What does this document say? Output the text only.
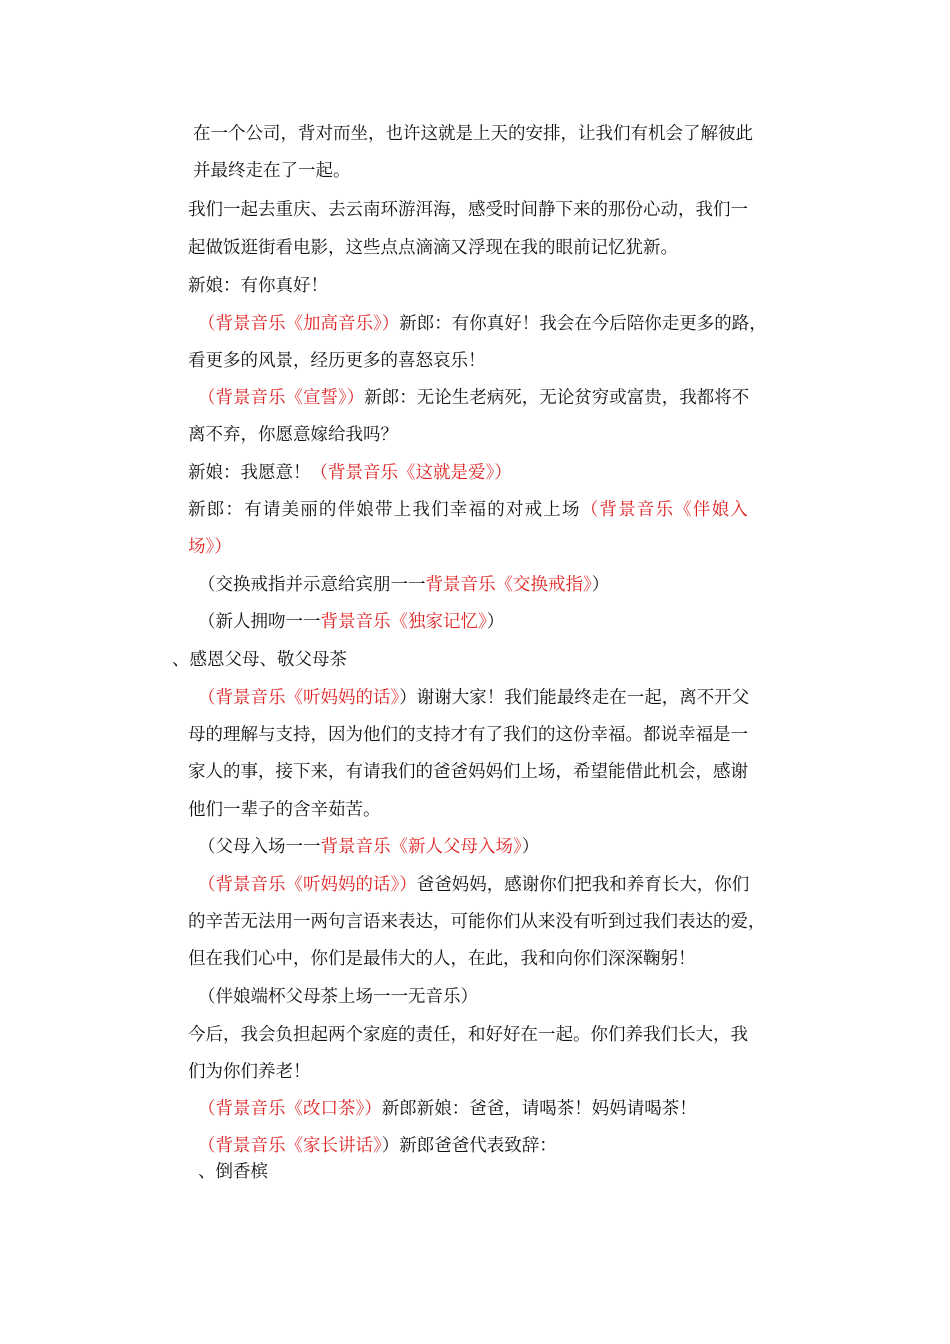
在一个公司，背对而坐，也许这就是上天的安排，让我们有机会了解彼此
并最终走在了一起。
我们一起去重庆、去云南环游洱海，感受时间静下来的那份心动，我们一
起做饭逛街看电影，这些点点滴滴又浮现在我的眼前记忆犹新。
新娘：有你真好！
（背景音乐《加高音乐》）新郎：有你真好！我会在今后陪你走更多的路，
看更多的风景，经历更多的喜怒哀乐！
（背景音乐《宣誓》）新郎：无论生老病死，无论贫穷或富贵，我都将不
离不弃，你愿意嫁给我吗？
新娘：我愿意！（背景音乐《这就是爱》）
新郎：有请美丽的伴娘带上我们幸福的对戒上场（背景音乐《伴娘入
场》）
（交换戒指并示意给宾朋一一背景音乐《交换戒指》）
（新人拥吻一一背景音乐《独家记忆》）
、感恩父母、敬父母茶
（背景音乐《听妈妈的话》）谢谢大家！我们能最终走在一起，离不开父
母的理解与支持，因为他们的支持才有了我们的这份幸福。都说幸福是一
家人的事，接下来，有请我们的爸爸妈妈们上场，希望能借此机会，感谢
他们一辈子的含辛茹苦。
（父母入场一一背景音乐《新人父母入场》）
（背景音乐《听妈妈的话》）爸爸妈妈，感谢你们把我和养育长大，你们
的辛苦无法用一两句言语来表达，可能你们从来没有听到过我们表达的爱，
但在我们心中，你们是最伟大的人，在此，我和向你们深深鞠躬！
（伴娘端杯父母茶上场一一无音乐）
今后，我会负担起两个家庭的责任，和好好在一起。你们养我们长大，我
们为你们养老！
（背景音乐《改口茶》）新郎新娘：爸爸，请喝茶！妈妈请喝茶！
（背景音乐《家长讲话》）新郎爸爸代表致辞：
、倒香槟
